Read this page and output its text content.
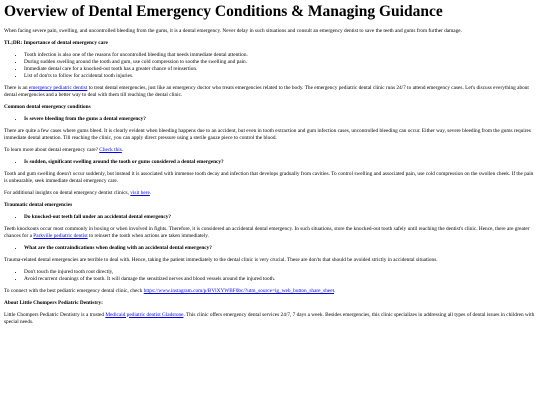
Overview of Dental Emergency Conditions & Managing Guidance

When facing severe pain, swelling, and uncontrolled bleeding from the gums, it is a dental emergency. Never delay in such situations and consult an emergency dentist to save the teeth and gums from further damage.

TL;DR: Importance of dental emergency care

• Tooth infection is also one of the reasons for uncontrolled bleeding that needs immediate dental attention.
• During sudden swelling around the tooth and gum, use cold compression to soothe the swelling and pain.
• Immediate dental care for a knocked-out tooth has a greater chance of reinsertion.
• List of don'ts to follow for accidental tooth injuries.

There is an emergency pediatric dentist to treat dental emergencies, just like an emergency doctor who treats emergencies related to the body. The emergency pediatric dental clinic runs 24/7 to attend emergency cases. Let's discuss everything about dental emergencies and a better way to deal with them till reaching the dental clinic.

Common dental emergency conditions

• Is severe bleeding from the gums a dental emergency?

There are quite a few cases where gums bleed. It is clearly evident when bleeding happens due to an accident, but even in tooth extraction and gum infection cases, uncontrolled bleeding can occur. Either way, severe bleeding from the gums requires immediate dental attention. Till reaching the clinic, you can apply direct pressure using a sterile gauze piece to control the blood.

To learn more about dental emergency care? Check this.

• Is sudden, significant swelling around the tooth or gums considered a dental emergency?

Tooth and gum swelling doesn't occur suddenly, but instead it is associated with immense tooth decay and infection that develops gradually from cavities. To control swelling and associated pain, use cold compression on the swollen cheek. If the pain is unbearable, seek immediate dental emergency care.

For additional insights on dental emergency dentist clinics, visit here.

Traumatic dental emergencies

• Do knocked-out teeth fall under an accidental dental emergency?

Teeth knockouts occur most commonly in boxing or when involved in fights. Therefore, it is considered an accidental dental emergency. In such situations, store the knocked-out tooth safely until reaching the dentist's clinic. Hence, there are greater chances for a Parkville pediatric dentist to reinsert the tooth when actions are taken immediately.

• What are the contraindications when dealing with an accidental dental emergency?

Trauma-related dental emergencies are terrible to deal with. Hence, taking the patient immediately to the dental clinic is very crucial. These are don'ts that should be avoided strictly in accidental situations.

• Don't touch the injured tooth root directly,
• Avoid recurrent cleanings of the tooth. It will damage the sensitized nerves and blood vessels around the injured tooth.

To connect with the best pediatric emergency dental clinic, check https://www.instagram.com/p/BVlXYWBF0bc/?utm_source=ig_web_button_share_sheet.

About Little Chompers Pediatric Dentistry:

Little Chompers Pediatric Dentistry is a trusted Medicaid pediatric dentist Gladstone. This clinic offers emergency dental services 24/7, 7 days a week. Besides emergencies, this clinic specializes in addressing all types of dental issues in children with special needs.
